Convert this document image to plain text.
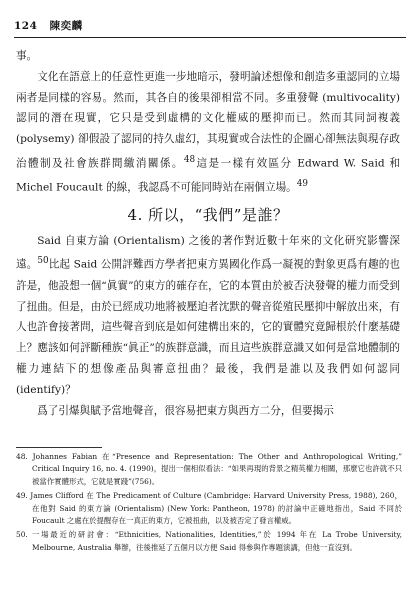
124 陳奕麟

事。

文化在語意上的任意性更進一步地暗示，發明論述想像和創造多重認同的立場兩者是同樣的容易。然而，其各自的後果卻相當不同。多重發聲 (multivocality) 認同的潛在現實，它只是受到虛構的文化權威的壓抑而已。然而其同詞複義 (polysemy) 卻假設了認同的持久虛幻，其現實或合法性的企圖心卻無法與現存政治體制及社會族群間繳消關係。$^{48}$這是一樣有效區分 Edward W. Said 和 Michel Foucault 的線，我認爲不可能同時站在兩個立場。$^{49}$

4. 所以，“我們”是誰？

Said 自東方論 (Orientalism) 之後的著作對近數十年來的文化研究影響深遠。$^{50}$比起 Said 公開評難西方學者把東方異國化作爲一凝視的對象更爲有趣的也許是，他設想一個“眞實”的東方的確存在，它的本質由於被否決發聲的權力而受到了扭曲。但是，由於已經成功地將被壓迫者沈默的聲音從殖民壓抑中解放出來，有人也許會接著問，這些聲音到底是如何建構出來的，它的實體究竟歸根於什麼基礎上？應該如何評斷種族“眞正”的族群意識，而且這些族群意識又如何是當地體制的權力連結下的想像產品與審意扭曲？最後，我們是誰以及我們如何認同 (identify)？

爲了引爆與賦予當地聲音，很容易把東方與西方二分，但要揭示

48. Johannes Fabian 在“Presence and Representation: The Other and Anthropological Writing,” Critical Inquiry 16, no. 4. (1990)，提出一個相似看法：“如果再現的背景之精英權力相關，那麼它也許就不只被當作實體形式，它就是實踐”(756)。

49. James Clifford 在 The Predicament of Culture (Cambridge: Harvard University Press, 1988), 260，在他對 Said 的東方論 (Orientalism) (New York: Pantheon, 1978) 的討論中正確地指出，Said 不同於 Foucault 之處在於提醒存在一真正的東方，它被扭曲，以及被否定了發言權威。

50. 一場最近的研討會：“Ethnicities, Nationalities, Identities,”於 1994 年在 La Trobe University, Melbourne, Australia 舉辦，往後推延了五個月以方便 Said 得參與作專題演講，但他一直沒到。
